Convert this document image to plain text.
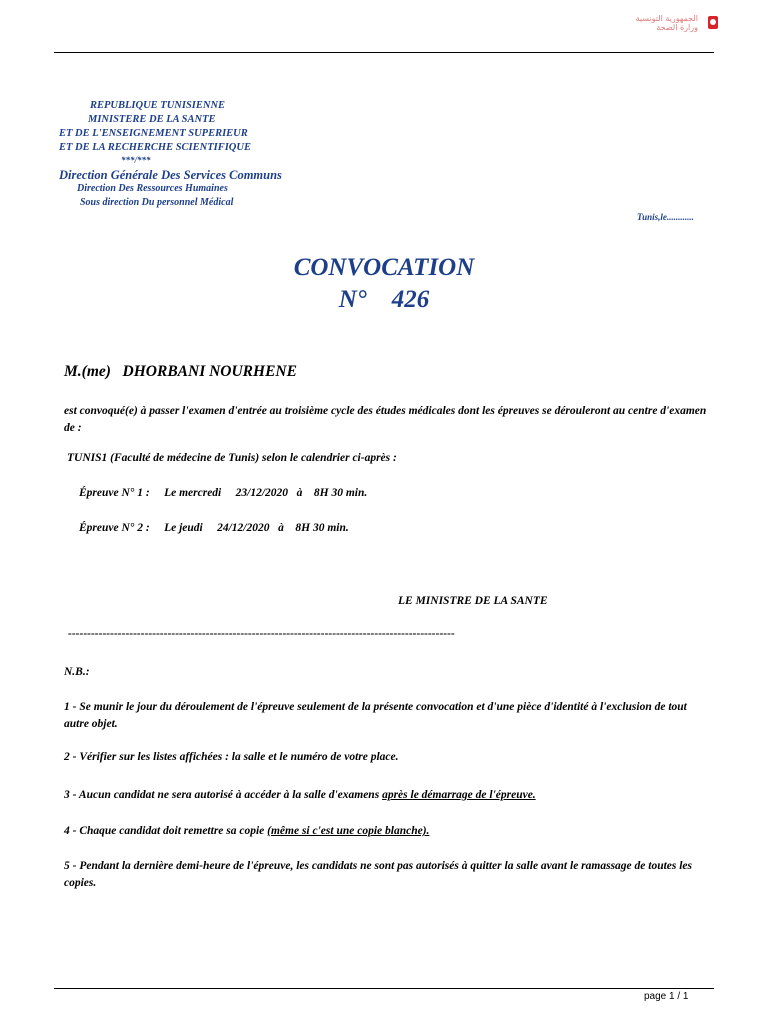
الجمهورية التونسية
وزارة الصحة
REPUBLIQUE TUNISIENNE
MINISTERE DE LA SANTE
ET DE L'ENSEIGNEMENT SUPERIEUR
ET DE LA RECHERCHE SCIENTIFIQUE
***/***
Direction Générale Des Services Communs
Direction Des Ressources Humaines
Sous direction Du personnel Médical
Tunis,le............
CONVOCATION
N°    426
M.(me)   DHORBANI NOURHENE
est convoqué(e) à passer l'examen d'entrée au troisième cycle des études médicales dont les épreuves se dérouleront au centre d'examen de :
TUNIS1 (Faculté de médecine de Tunis) selon le calendrier ci-après :
Épreuve N° 1 :     Le mercredi     23/12/2020   à    8H 30 min.
Épreuve N° 2 :     Le jeudi     24/12/2020   à    8H 30 min.
LE MINISTRE DE LA SANTE
-----------------------------------------------------------------------------------------------------
N.B.:
1 - Se munir le jour du déroulement de l'épreuve seulement de la présente convocation et d'une pièce d'identité à l'exclusion de tout autre objet.
2 - Vérifier sur les listes affichées : la salle et le numéro de votre place.
3 - Aucun candidat ne sera autorisé à accéder à la salle d'examens après le démarrage de l'épreuve.
4 - Chaque candidat doit remettre sa copie (même si c'est une copie blanche).
5 - Pendant la dernière demi-heure de l'épreuve, les candidats ne sont pas autorisés à quitter la salle avant le ramassage de toutes les copies.
page 1 / 1
